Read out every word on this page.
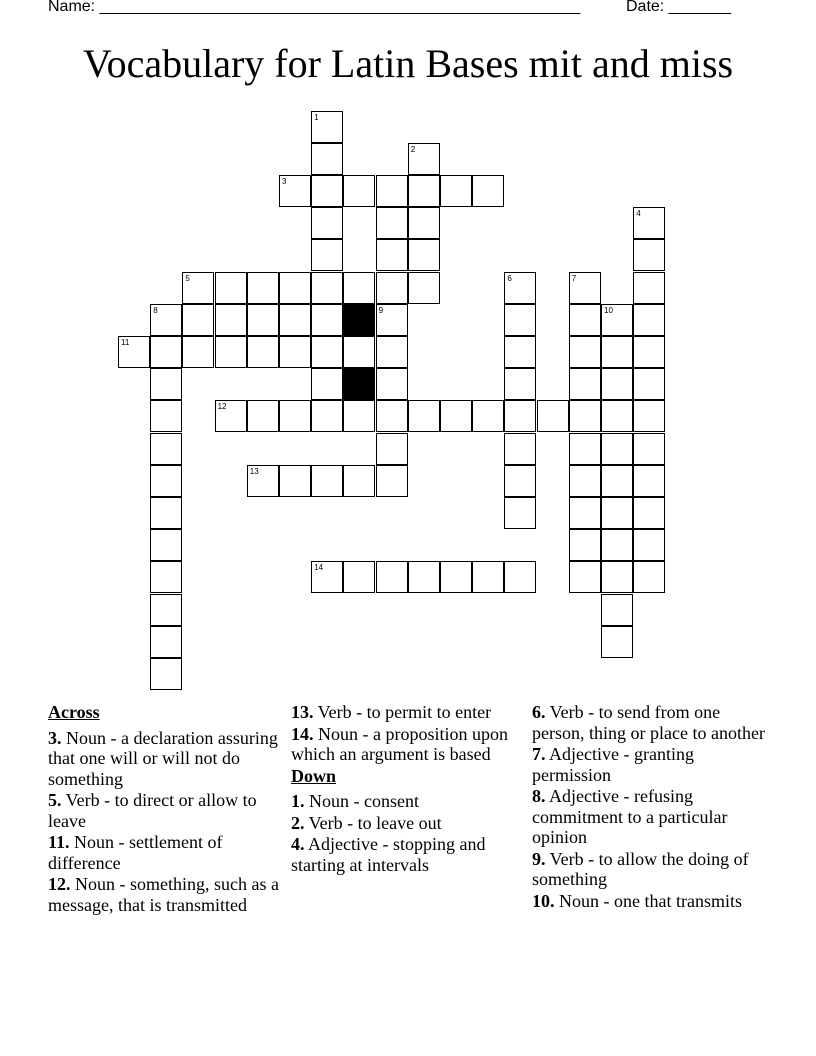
Name: ______________________________________________________	Date: _______
Vocabulary for Latin Bases mit and miss
1
2
3
4
5	6	7
8	9	10
11
12
13
14
Across
3. Noun - a declaration assuring that one will or will not do something
5. Verb - to direct or allow to leave
11. Noun - settlement of difference
12. Noun - something, such as a message, that is transmitted
13. Verb - to permit to enter
14. Noun - a proposition upon which an argument is based
Down
1. Noun - consent
2. Verb - to leave out
4. Adjective - stopping and starting at intervals
6. Verb - to send from one person, thing or place to another
7. Adjective - granting permission
8. Adjective - refusing commitment to a particular opinion
9. Verb - to allow the doing of something
10. Noun - one that transmits
